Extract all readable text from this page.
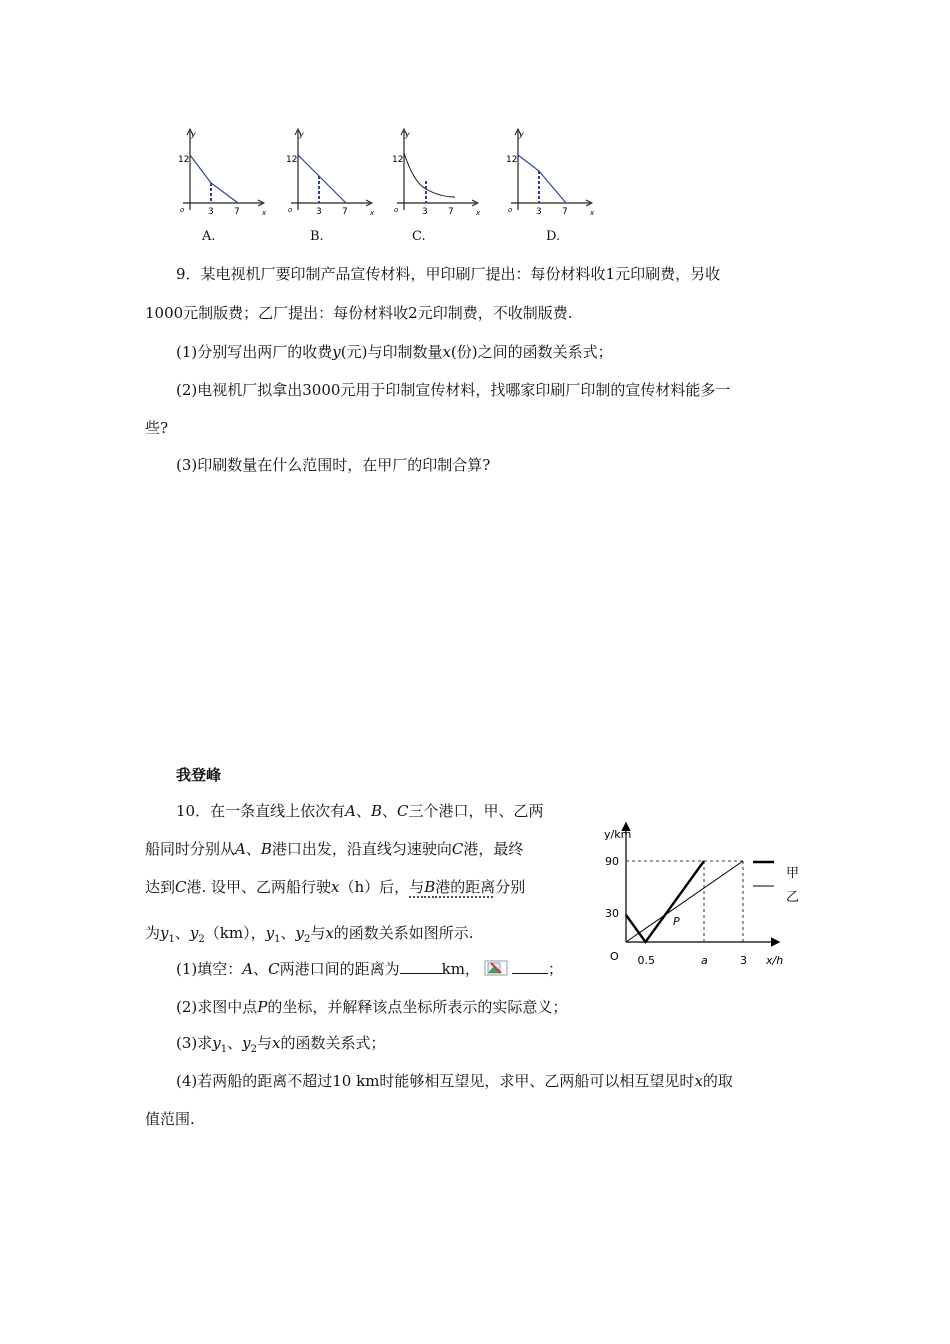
y
x
12
o	3 7
y
x
12
o	3 7
y
x
12
o	3 7
y
x
12
o	3 7
A.	B.	C.	D.
9．某电视机厂要印制产品宣传材料，甲印刷厂提出：每份材料收1元印刷费，另收
1000元制版费；乙厂提出：每份材料收2元印制费，不收制版费.
(1)分别写出两厂的收费y(元)与印制数量x(份)之间的函数关系式；
(2)电视机厂拟拿出3000元用于印制宣传材料，找哪家印刷厂印制的宣传材料能多一
些?
(3)印刷数量在什么范围时，在甲厂的印制合算?
我登峰
10．在一条直线上依次有A、B、C三个港口，甲、乙两
船同时分别从A、B港口出发，沿直线匀速驶向C港，最终
达到C港. 设甲、乙两船行驶x（h）后，与B港的距离分别
为$y_1$、$y_2(km)$，$y_1$、$y_2$与x的函数关系如图所示.
(1)填空：A、C两港口间的距离为	km，	；
(2)求图中点P的坐标，并解释该点坐标所表示的实际意义；
(3)求$y_1$、$y_2$与x的函数关系式；
(4)若两船的距离不超过10 km时能够相互望见，求甲、乙两船可以相互望见时x的取
值范围.
y/km
x/h
O
90
30
0.5	a	3
P
甲
乙
